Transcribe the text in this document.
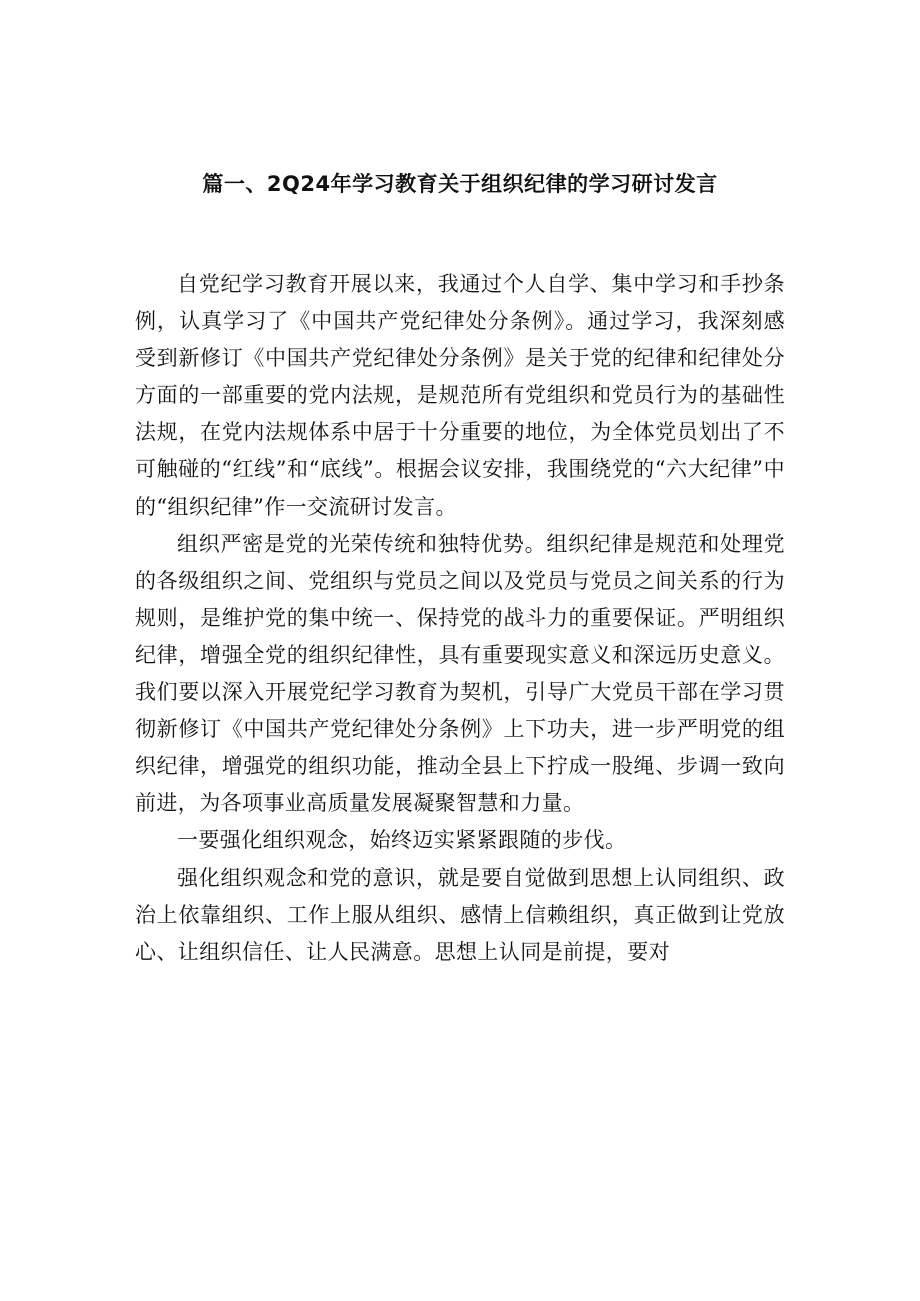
篇一、2Q24年学习教育关于组织纪律的学习研讨发言

自党纪学习教育开展以来，我通过个人自学、集中学习和手抄条例，认真学习了《中国共产党纪律处分条例》。通过学习，我深刻感受到新修订《中国共产党纪律处分条例》是关于党的纪律和纪律处分方面的一部重要的党内法规，是规范所有党组织和党员行为的基础性法规，在党内法规体系中居于十分重要的地位，为全体党员划出了不可触碰的“红线”和“底线”。根据会议安排，我围绕党的“六大纪律”中的“组织纪律”作一交流研讨发言。

组织严密是党的光荣传统和独特优势。组织纪律是规范和处理党的各级组织之间、党组织与党员之间以及党员与党员之间关系的行为规则，是维护党的集中统一、保持党的战斗力的重要保证。严明组织纪律，增强全党的组织纪律性，具有重要现实意义和深远历史意义。我们要以深入开展党纪学习教育为契机，引导广大党员干部在学习贯彻新修订《中国共产党纪律处分条例》上下功夫，进一步严明党的组织纪律，增强党的组织功能，推动全县上下拧成一股绳、步调一致向前进，为各项事业高质量发展凝聚智慧和力量。

一要强化组织观念，始终迈实紧紧跟随的步伐。

强化组织观念和党的意识，就是要自觉做到思想上认同组织、政治上依靠组织、工作上服从组织、感情上信赖组织，真正做到让党放心、让组织信任、让人民满意。思想上认同是前提，要对
